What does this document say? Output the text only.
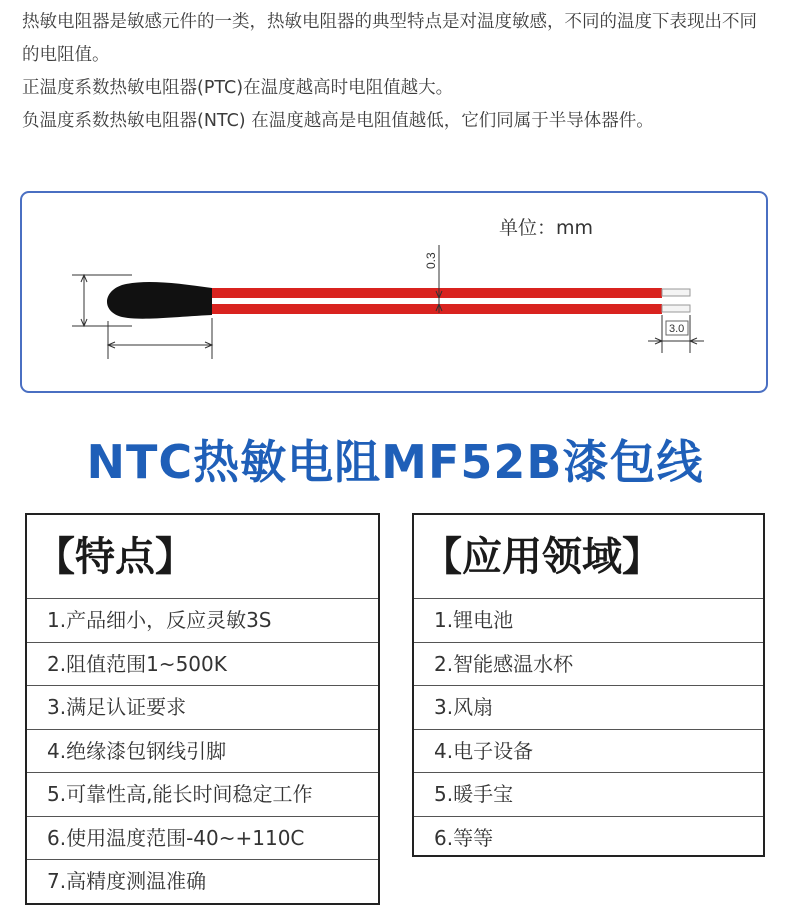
热敏电阻器是敏感元件的一类，热敏电阻器的典型特点是对温度敏感，不同的温度下表现出不同的电阻值。

正温度系数热敏电阻器(PTC)在温度越高时电阻值越大。

负温度系数热敏电阻器(NTC) 在温度越高是电阻值越低，它们同属于半导体器件。

0.3
3.0
单位：mm
NTC热敏电阻MF52B漆包线
【特点】
1.产品细小，反应灵敏3S
2.阻值范围1~500K
3.满足认证要求
4.绝缘漆包钢线引脚
5.可靠性高,能长时间稳定工作
6.使用温度范围-40~+110C
7.高精度测温准确
【应用领域】
1.锂电池
2.智能感温水杯
3.风扇
4.电子设备
5.暖手宝
6.等等
